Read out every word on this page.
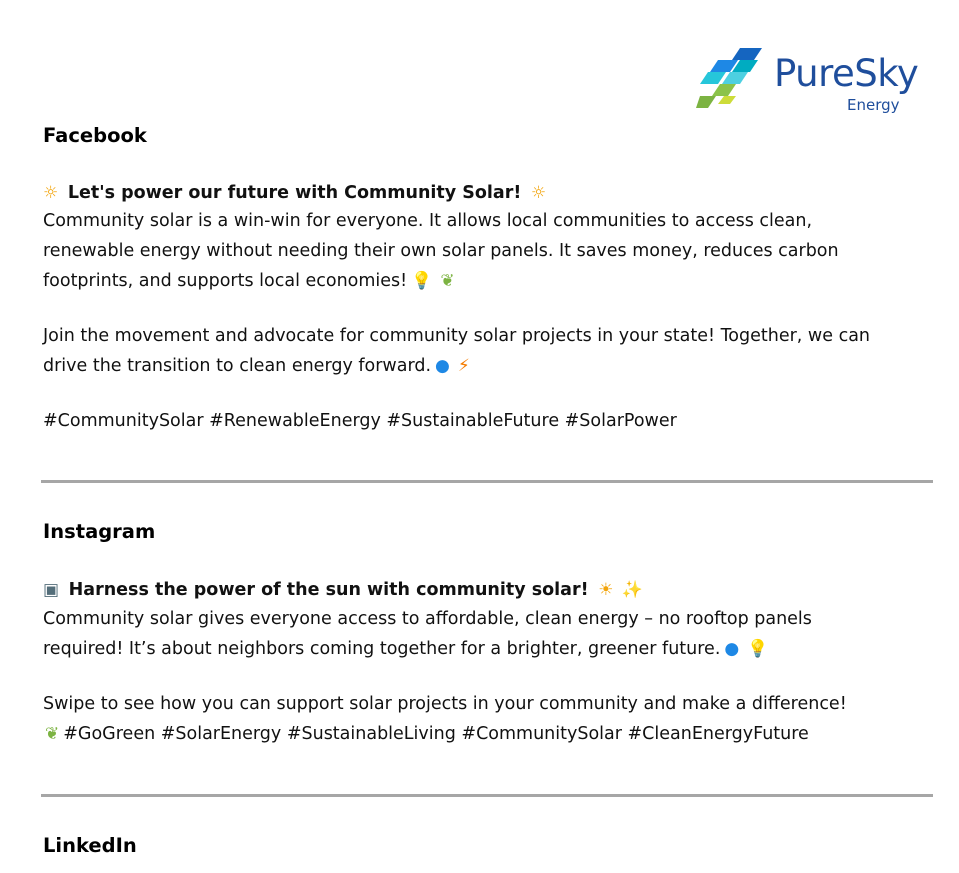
PureSky
Energy
Facebook
☼ Let's power our future with Community Solar! ☼
Community solar is a win-win for everyone. It allows local communities to access clean,
renewable energy without needing their own solar panels. It saves money, reduces carbon
footprints, and supports local economies! 💡 ❦
Join the movement and advocate for community solar projects in your state! Together, we can
drive the transition to clean energy forward. ● ⚡
#CommunitySolar #RenewableEnergy #SustainableFuture #SolarPower
Instagram
▣ Harness the power of the sun with community solar! ☀ ✨
Community solar gives everyone access to affordable, clean energy – no rooftop panels
required! It’s about neighbors coming together for a brighter, greener future. ● 💡
Swipe to see how you can support solar projects in your community and make a difference!
❦ #GoGreen #SolarEnergy #SustainableLiving #CommunitySolar #CleanEnergyFuture
LinkedIn
